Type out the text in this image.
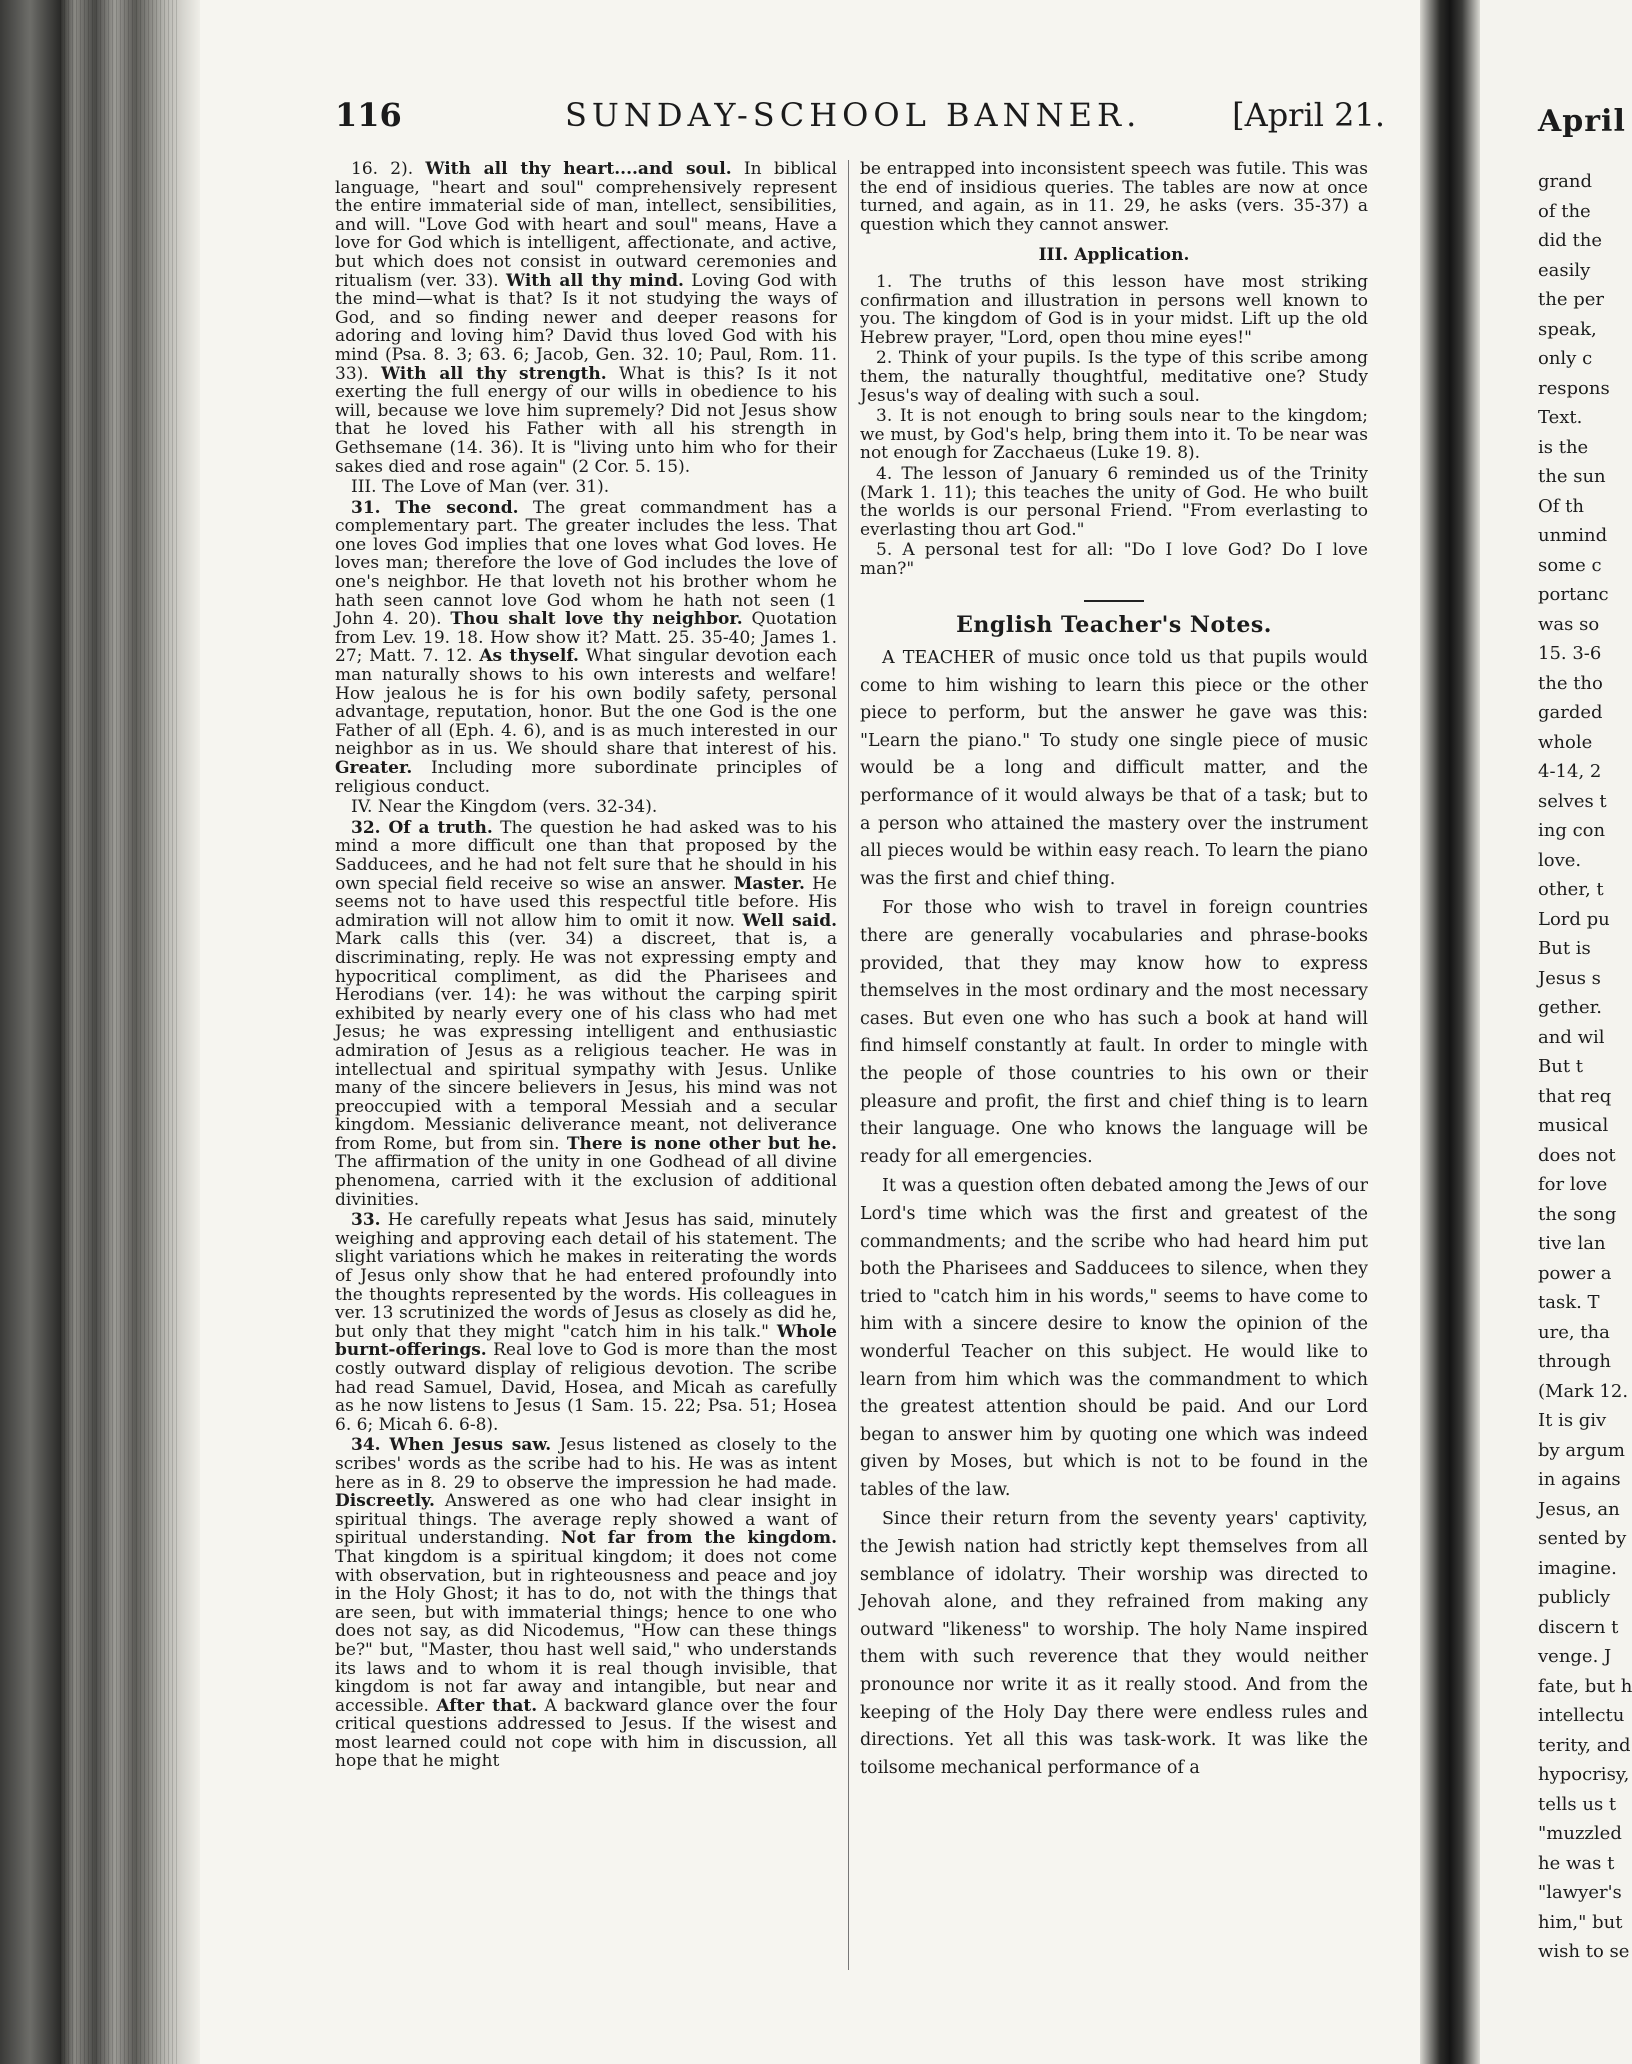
April
grand
of the
did the
easily
the per
speak,
only c
respons
Text.
is the
the sun
Of th
unmind
some c
portanc
was so
15. 3-6
the tho
garded
whole
4-14, 2
selves t
ing con
love.
other, t
Lord pu
But is
Jesus s
gether.
and wil
But t
that req
musical
does not
for love
the song
tive lan
power a
task. T
ure, tha
through
(Mark 12.
It is giv
by argum
in agains
Jesus, an
sented by
imagine.
publicly
discern t
venge. J
fate, but h
intellectu
terity, and
hypocrisy,
tells us t
"muzzled
he was t
"lawyer's
him," but
wish to se
116	SUNDAY-SCHOOL BANNER.	[April 21.

16. 2). With all thy heart....and soul. In biblical language, "heart and soul" comprehensively represent the entire immaterial side of man, intellect, sensibilities, and will. "Love God with heart and soul" means, Have a love for God which is intelligent, affectionate, and active, but which does not consist in outward ceremonies and ritualism (ver. 33). With all thy mind. Loving God with the mind—what is that? Is it not studying the ways of God, and so finding newer and deeper reasons for adoring and loving him? David thus loved God with his mind (Psa. 8. 3; 63. 6; Jacob, Gen. 32. 10; Paul, Rom. 11. 33). With all thy strength. What is this? Is it not exerting the full energy of our wills in obedience to his will, because we love him supremely? Did not Jesus show that he loved his Father with all his strength in Gethsemane (14. 36). It is "living unto him who for their sakes died and rose again" (2 Cor. 5. 15).

III. The Love of Man (ver. 31).

31. The second. The great commandment has a complementary part. The greater includes the less. That one loves God implies that one loves what God loves. He loves man; therefore the love of God includes the love of one's neighbor. He that loveth not his brother whom he hath seen cannot love God whom he hath not seen (1 John 4. 20). Thou shalt love thy neighbor. Quotation from Lev. 19. 18. How show it? Matt. 25. 35-40; James 1. 27; Matt. 7. 12. As thyself. What singular devotion each man naturally shows to his own interests and welfare! How jealous he is for his own bodily safety, personal advantage, reputation, honor. But the one God is the one Father of all (Eph. 4. 6), and is as much interested in our neighbor as in us. We should share that interest of his. Greater. Including more subordinate principles of religious conduct.

IV. Near the Kingdom (vers. 32-34).

32. Of a truth. The question he had asked was to his mind a more difficult one than that proposed by the Sadducees, and he had not felt sure that he should in his own special field receive so wise an answer. Master. He seems not to have used this respectful title before. His admiration will not allow him to omit it now. Well said. Mark calls this (ver. 34) a discreet, that is, a discriminating, reply. He was not expressing empty and hypocritical compliment, as did the Pharisees and Herodians (ver. 14): he was without the carping spirit exhibited by nearly every one of his class who had met Jesus; he was expressing intelligent and enthusiastic admiration of Jesus as a religious teacher. He was in intellectual and spiritual sympathy with Jesus. Unlike many of the sincere believers in Jesus, his mind was not preoccupied with a temporal Messiah and a secular kingdom. Messianic deliverance meant, not deliverance from Rome, but from sin. There is none other but he. The affirmation of the unity in one Godhead of all divine phenomena, carried with it the exclusion of additional divinities.

33. He carefully repeats what Jesus has said, minutely weighing and approving each detail of his statement. The slight variations which he makes in reiterating the words of Jesus only show that he had entered profoundly into the thoughts represented by the words. His colleagues in ver. 13 scrutinized the words of Jesus as closely as did he, but only that they might "catch him in his talk." Whole burnt-offerings. Real love to God is more than the most costly outward display of religious devotion. The scribe had read Samuel, David, Hosea, and Micah as carefully as he now listens to Jesus (1 Sam. 15. 22; Psa. 51; Hosea 6. 6; Micah 6. 6-8).

34. When Jesus saw. Jesus listened as closely to the scribes' words as the scribe had to his. He was as intent here as in 8. 29 to observe the impression he had made. Discreetly. Answered as one who had clear insight in spiritual things. The average reply showed a want of spiritual understanding. Not far from the kingdom. That kingdom is a spiritual kingdom; it does not come with observation, but in righteousness and peace and joy in the Holy Ghost; it has to do, not with the things that are seen, but with immaterial things; hence to one who does not say, as did Nicodemus, "How can these things be?" but, "Master, thou hast well said," who understands its laws and to whom it is real though invisible, that kingdom is not far away and intangible, but near and accessible. After that. A backward glance over the four critical questions addressed to Jesus. If the wisest and most learned could not cope with him in discussion, all hope that he might

be entrapped into inconsistent speech was futile. This was the end of insidious queries. The tables are now at once turned, and again, as in 11. 29, he asks (vers. 35-37) a question which they cannot answer.

III. Application.

1. The truths of this lesson have most striking confirmation and illustration in persons well known to you. The kingdom of God is in your midst. Lift up the old Hebrew prayer, "Lord, open thou mine eyes!"

2. Think of your pupils. Is the type of this scribe among them, the naturally thoughtful, meditative one? Study Jesus's way of dealing with such a soul.

3. It is not enough to bring souls near to the kingdom; we must, by God's help, bring them into it. To be near was not enough for Zacchaeus (Luke 19. 8).

4. The lesson of January 6 reminded us of the Trinity (Mark 1. 11); this teaches the unity of God. He who built the worlds is our personal Friend. "From everlasting to everlasting thou art God."

5. A personal test for all: "Do I love God? Do I love man?"

English Teacher's Notes.

A TEACHER of music once told us that pupils would come to him wishing to learn this piece or the other piece to perform, but the answer he gave was this: "Learn the piano." To study one single piece of music would be a long and difficult matter, and the performance of it would always be that of a task; but to a person who attained the mastery over the instrument all pieces would be within easy reach. To learn the piano was the first and chief thing.

For those who wish to travel in foreign countries there are generally vocabularies and phrase-books provided, that they may know how to express themselves in the most ordinary and the most necessary cases. But even one who has such a book at hand will find himself constantly at fault. In order to mingle with the people of those countries to his own or their pleasure and profit, the first and chief thing is to learn their language. One who knows the language will be ready for all emergencies.

It was a question often debated among the Jews of our Lord's time which was the first and greatest of the commandments; and the scribe who had heard him put both the Pharisees and Sadducees to silence, when they tried to "catch him in his words," seems to have come to him with a sincere desire to know the opinion of the wonderful Teacher on this subject. He would like to learn from him which was the commandment to which the greatest attention should be paid. And our Lord began to answer him by quoting one which was indeed given by Moses, but which is not to be found in the tables of the law.

Since their return from the seventy years' captivity, the Jewish nation had strictly kept themselves from all semblance of idolatry. Their worship was directed to Jehovah alone, and they refrained from making any outward "likeness" to worship. The holy Name inspired them with such reverence that they would neither pronounce nor write it as it really stood. And from the keeping of the Holy Day there were endless rules and directions. Yet all this was task-work. It was like the toilsome mechanical performance of a
